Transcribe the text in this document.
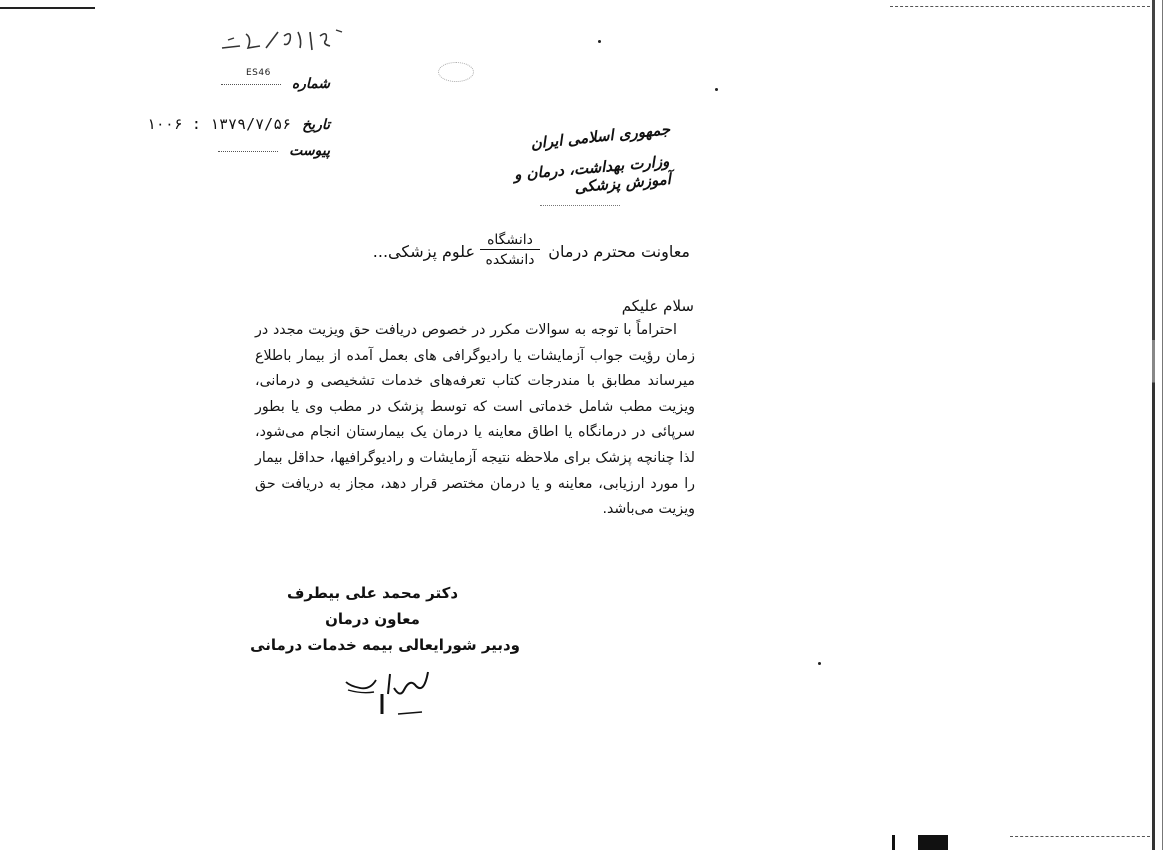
ES46
شماره
تاریخ ۱۳۷۹/۷/۵۶ : ۱۰۰۶
پیوست	جمهوری اسلامی ایران
وزارت بهداشت، درمان و آموزش پزشکی
معاونت محترم درمان
دانشگاه
دانشکده
علوم پزشکی...
سلام علیکم

احتراماً با توجه به سوالات مکرر در خصوص دریافت حق ویزیت مجدد در زمان رؤیت جواب آزمایشات یا رادیوگرافی های بعمل آمده از بیمار باطلاع میرساند مطابق با مندرجات کتاب تعرفه‌های خدمات تشخیصی و درمانی، ویزیت مطب شامل خدماتی است که توسط پزشک در مطب وی یا بطور سرپائی در درمانگاه یا اطاق معاینه یا درمان یک بیمارستان انجام می‌شود، لذا چنانچه پزشک برای ملاحظه نتیجه آزمایشات و رادیوگرافیها، حداقل بیمار را مورد ارزیابی، معاینه و یا درمان مختصر قرار دهد، مجاز به دریافت حق ویزیت می‌باشد.

دکتر محمد علی بیطرف
معاون درمان
ودبیر شورایعالی بیمه خدمات درمانی
